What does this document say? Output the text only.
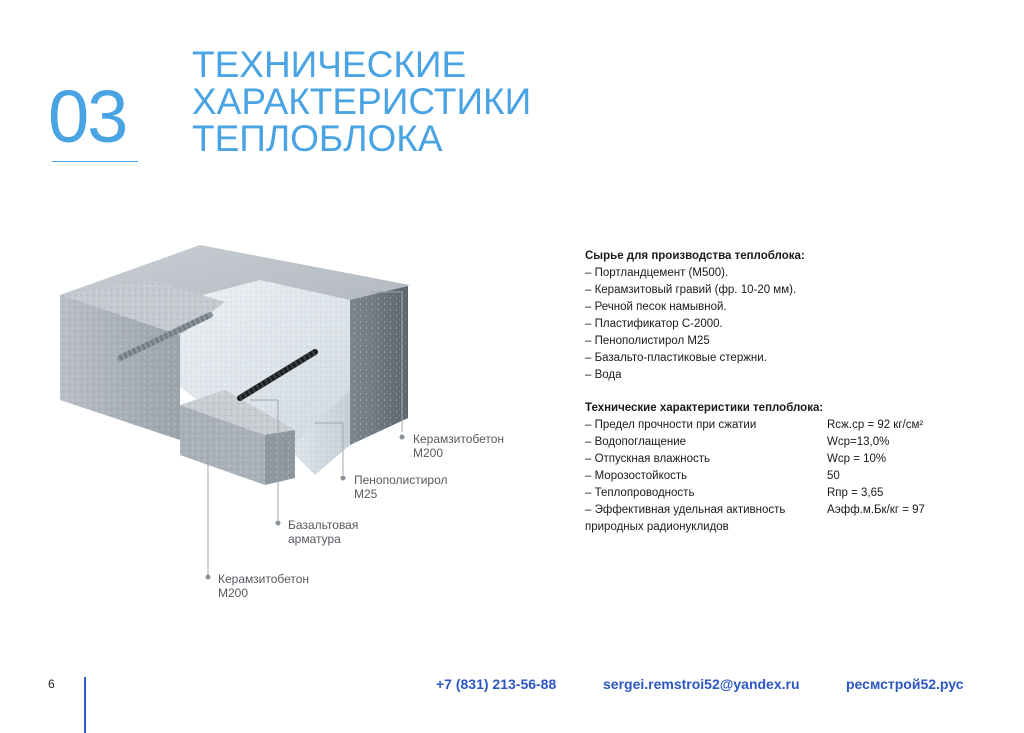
03
ТЕХНИЧЕСКИЕ
ХАРАКТЕРИСТИКИ
ТЕПЛОБЛОКА
Керамзитобетон
М200
Пенополистирол
М25
Базальтовая
арматура
Керамзитобетон
М200
Сырье для производства теплоблока:
– Портландцемент (М500).
– Керамзитовый гравий (фр. 10-20 мм).
– Речной песок намывной.
– Пластификатор С-2000.
– Пенополистирол М25
– Базальто-пластиковые стержни.
– Вода
Технические характеристики теплоблока:
– Предел прочности при сжатии	Rсж.ср = 92 кг/см²
– Водопоглащение	Wср=13,0%
– Отпускная влажность	Wср = 10%
– Морозостойкость	50
– Теплопроводность	Rпр = 3,65
– Эффективная удельная активность	Аэфф.м.Бк/кг = 97
природных радионуклидов
6	+7 (831) 213-56-88	sergei.remstroi52@yandex.ru	ресмстрой52.рус
